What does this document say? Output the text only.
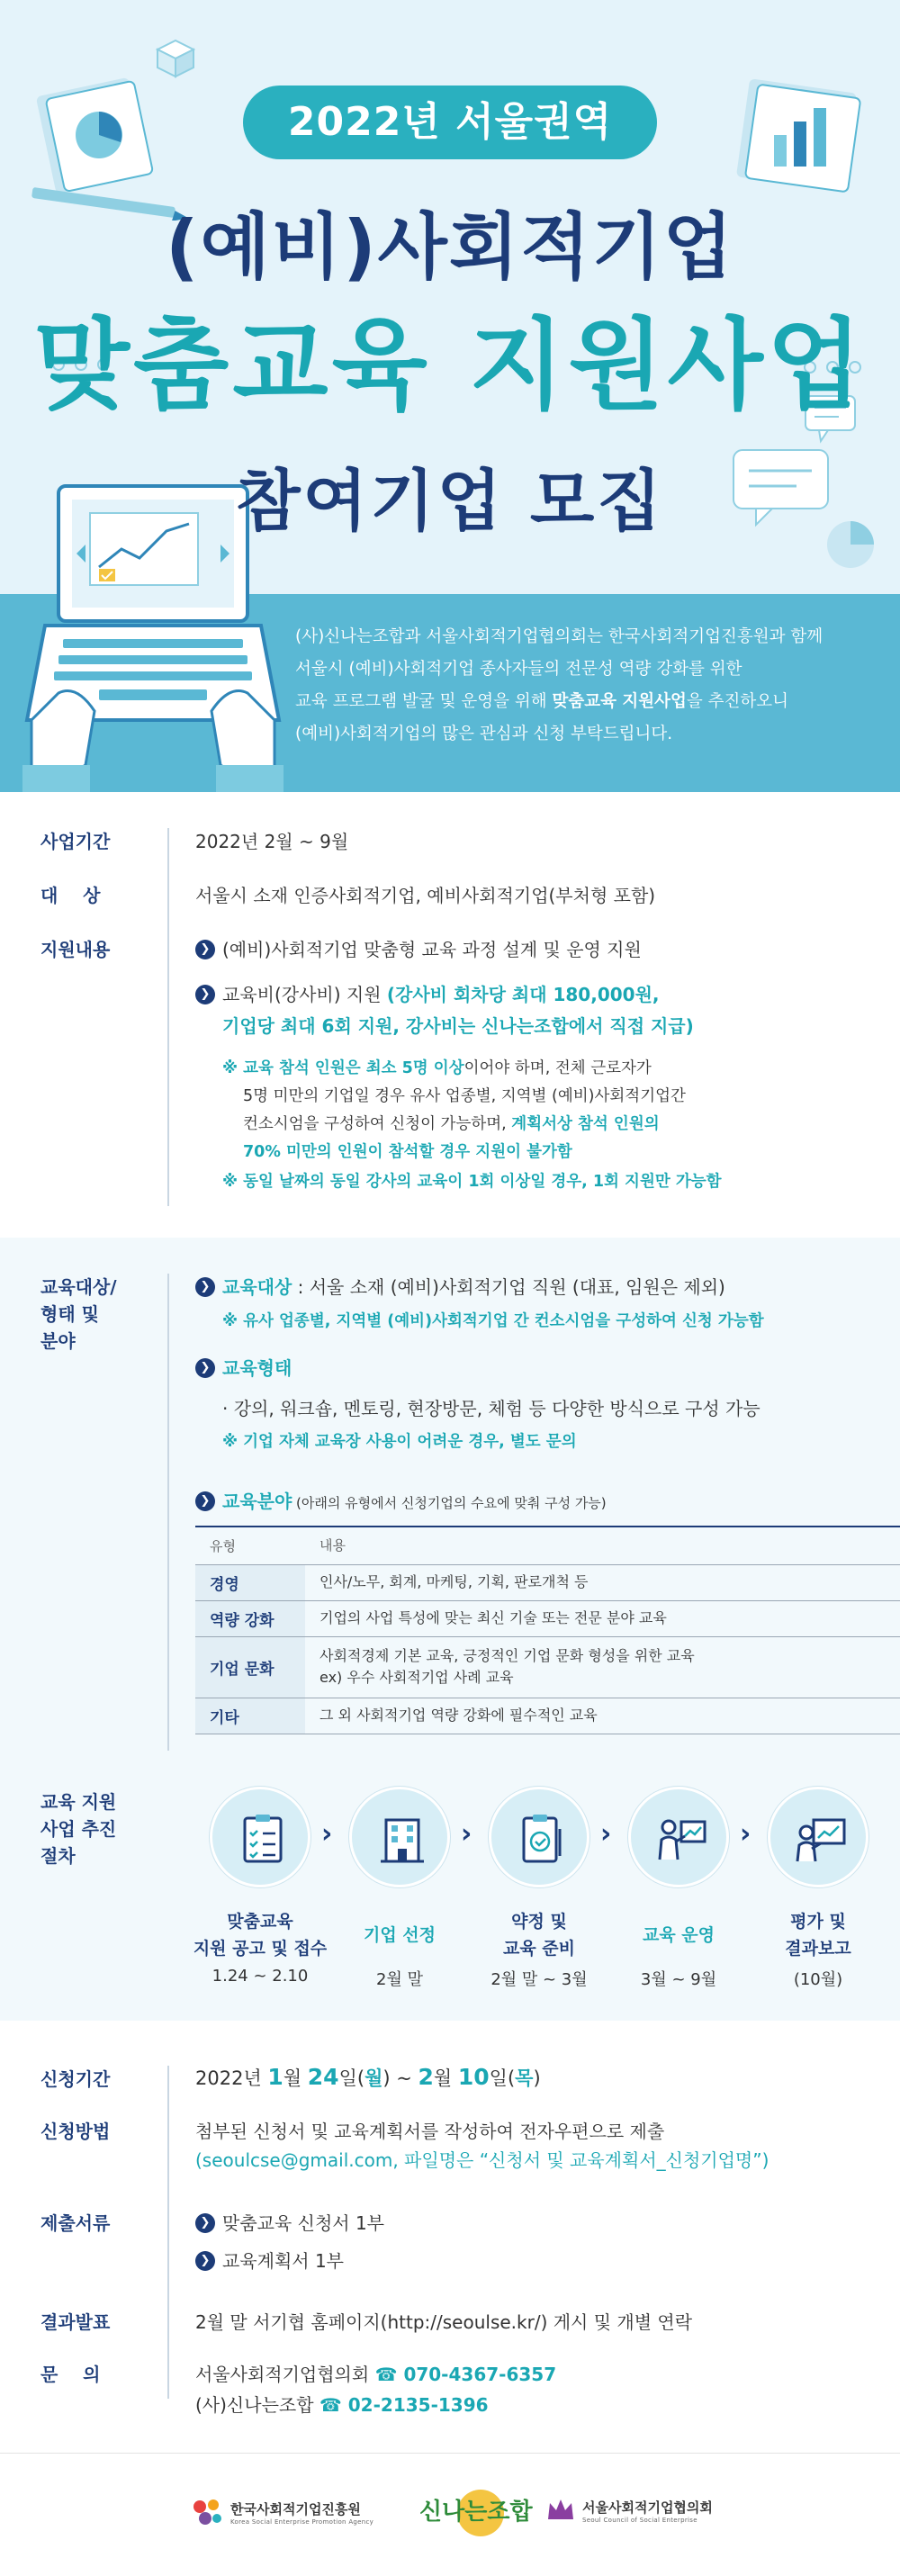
2022년 서울권역
(예비)사회적기업
맞춤교육 지원사업
참여기업 모집

(사)신나는조합과 서울사회적기업협의회는 한국사회적기업진흥원과 함께

서울시 (예비)사회적기업 종사자들의 전문성 역량 강화를 위한

교육 프로그램 발굴 및 운영을 위해 맞춤교육 지원사업을 추진하오니

(예비)사회적기업의 많은 관심과 신청 부탁드립니다.

사업기간	2022년 2월 ~ 9월
대    상	서울시 소재 인증사회적기업, 예비사회적기업(부처형 포함)
지원내용	❯ (예비)사회적기업 맞춤형 교육 과정 설계 및 운영 지원
❯ 교육비(강사비) 지원 (강사비 회차당 최대 180,000원,
기업당 최대 6회 지원, 강사비는 신나는조합에서 직접 지급)
※ 교육 참석 인원은 최소 5명 이상이어야 하며, 전체 근로자가
5명 미만의 기업일 경우 유사 업종별, 지역별 (예비)사회적기업간
컨소시엄을 구성하여 신청이 가능하며, 계획서상 참석 인원의
70% 미만의 인원이 참석할 경우 지원이 불가함
※ 동일 날짜의 동일 강사의 교육이 1회 이상일 경우, 1회 지원만 가능함
교육대상/
형태 및
분야
❯ 교육대상 : 서울 소재 (예비)사회적기업 직원 (대표, 임원은 제외)
※ 유사 업종별, 지역별 (예비)사회적기업 간 컨소시엄을 구성하여 신청 가능함
❯ 교육형태
· 강의, 워크숍, 멘토링, 현장방문, 체험 등 다양한 방식으로 구성 가능
※ 기업 자체 교육장 사용이 어려운 경우, 별도 문의
❯ 교육분야 (아래의 유형에서 신청기업의 수요에 맞춰 구성 가능)
유형	내용
경영	인사/노무, 회계, 마케팅, 기획, 판로개척 등
역량 강화	기업의 사업 특성에 맞는 최신 기술 또는 전문 분야 교육
기업 문화	사회적경제 기본 교육, 긍정적인 기업 문화 형성을 위한 교육
ex) 우수 사회적기업 사례 교육

기타	그 외 사회적기업 역량 강화에 필수적인 교육
교육 지원
사업 추진
절차
›	›	›	›
맞춤교육
지원 공고 및 접수
1.24 ~ 2.10
기업 선정
2월 말
약정 및
교육 준비
2월 말 ~ 3월
교육 운영
3월 ~ 9월
평가 및
결과보고
(10월)
신청기간	2022년 1월 24일(월) ~ 2월 10일(목)
신청방법	첨부된 신청서 및 교육계획서를 작성하여 전자우편으로 제출
(seoulcse@gmail.com, 파일명은 “신청서 및 교육계획서_신청기업명”)
제출서류	❯ 맞춤교육 신청서 1부
❯ 교육계획서 1부
결과발표	2월 말 서기협 홈페이지(http://seoulse.kr/) 게시 및 개별 연락
문    의	서울사회적기업협의회 ☎ 070-4367-6357
(사)신나는조합 ☎ 02-2135-1396
한국사회적기업진흥원
Korea Social Enterprise Promotion Agency 신나는조합	서울사회적기업협의회
Seoul Council of Social Enterprise
